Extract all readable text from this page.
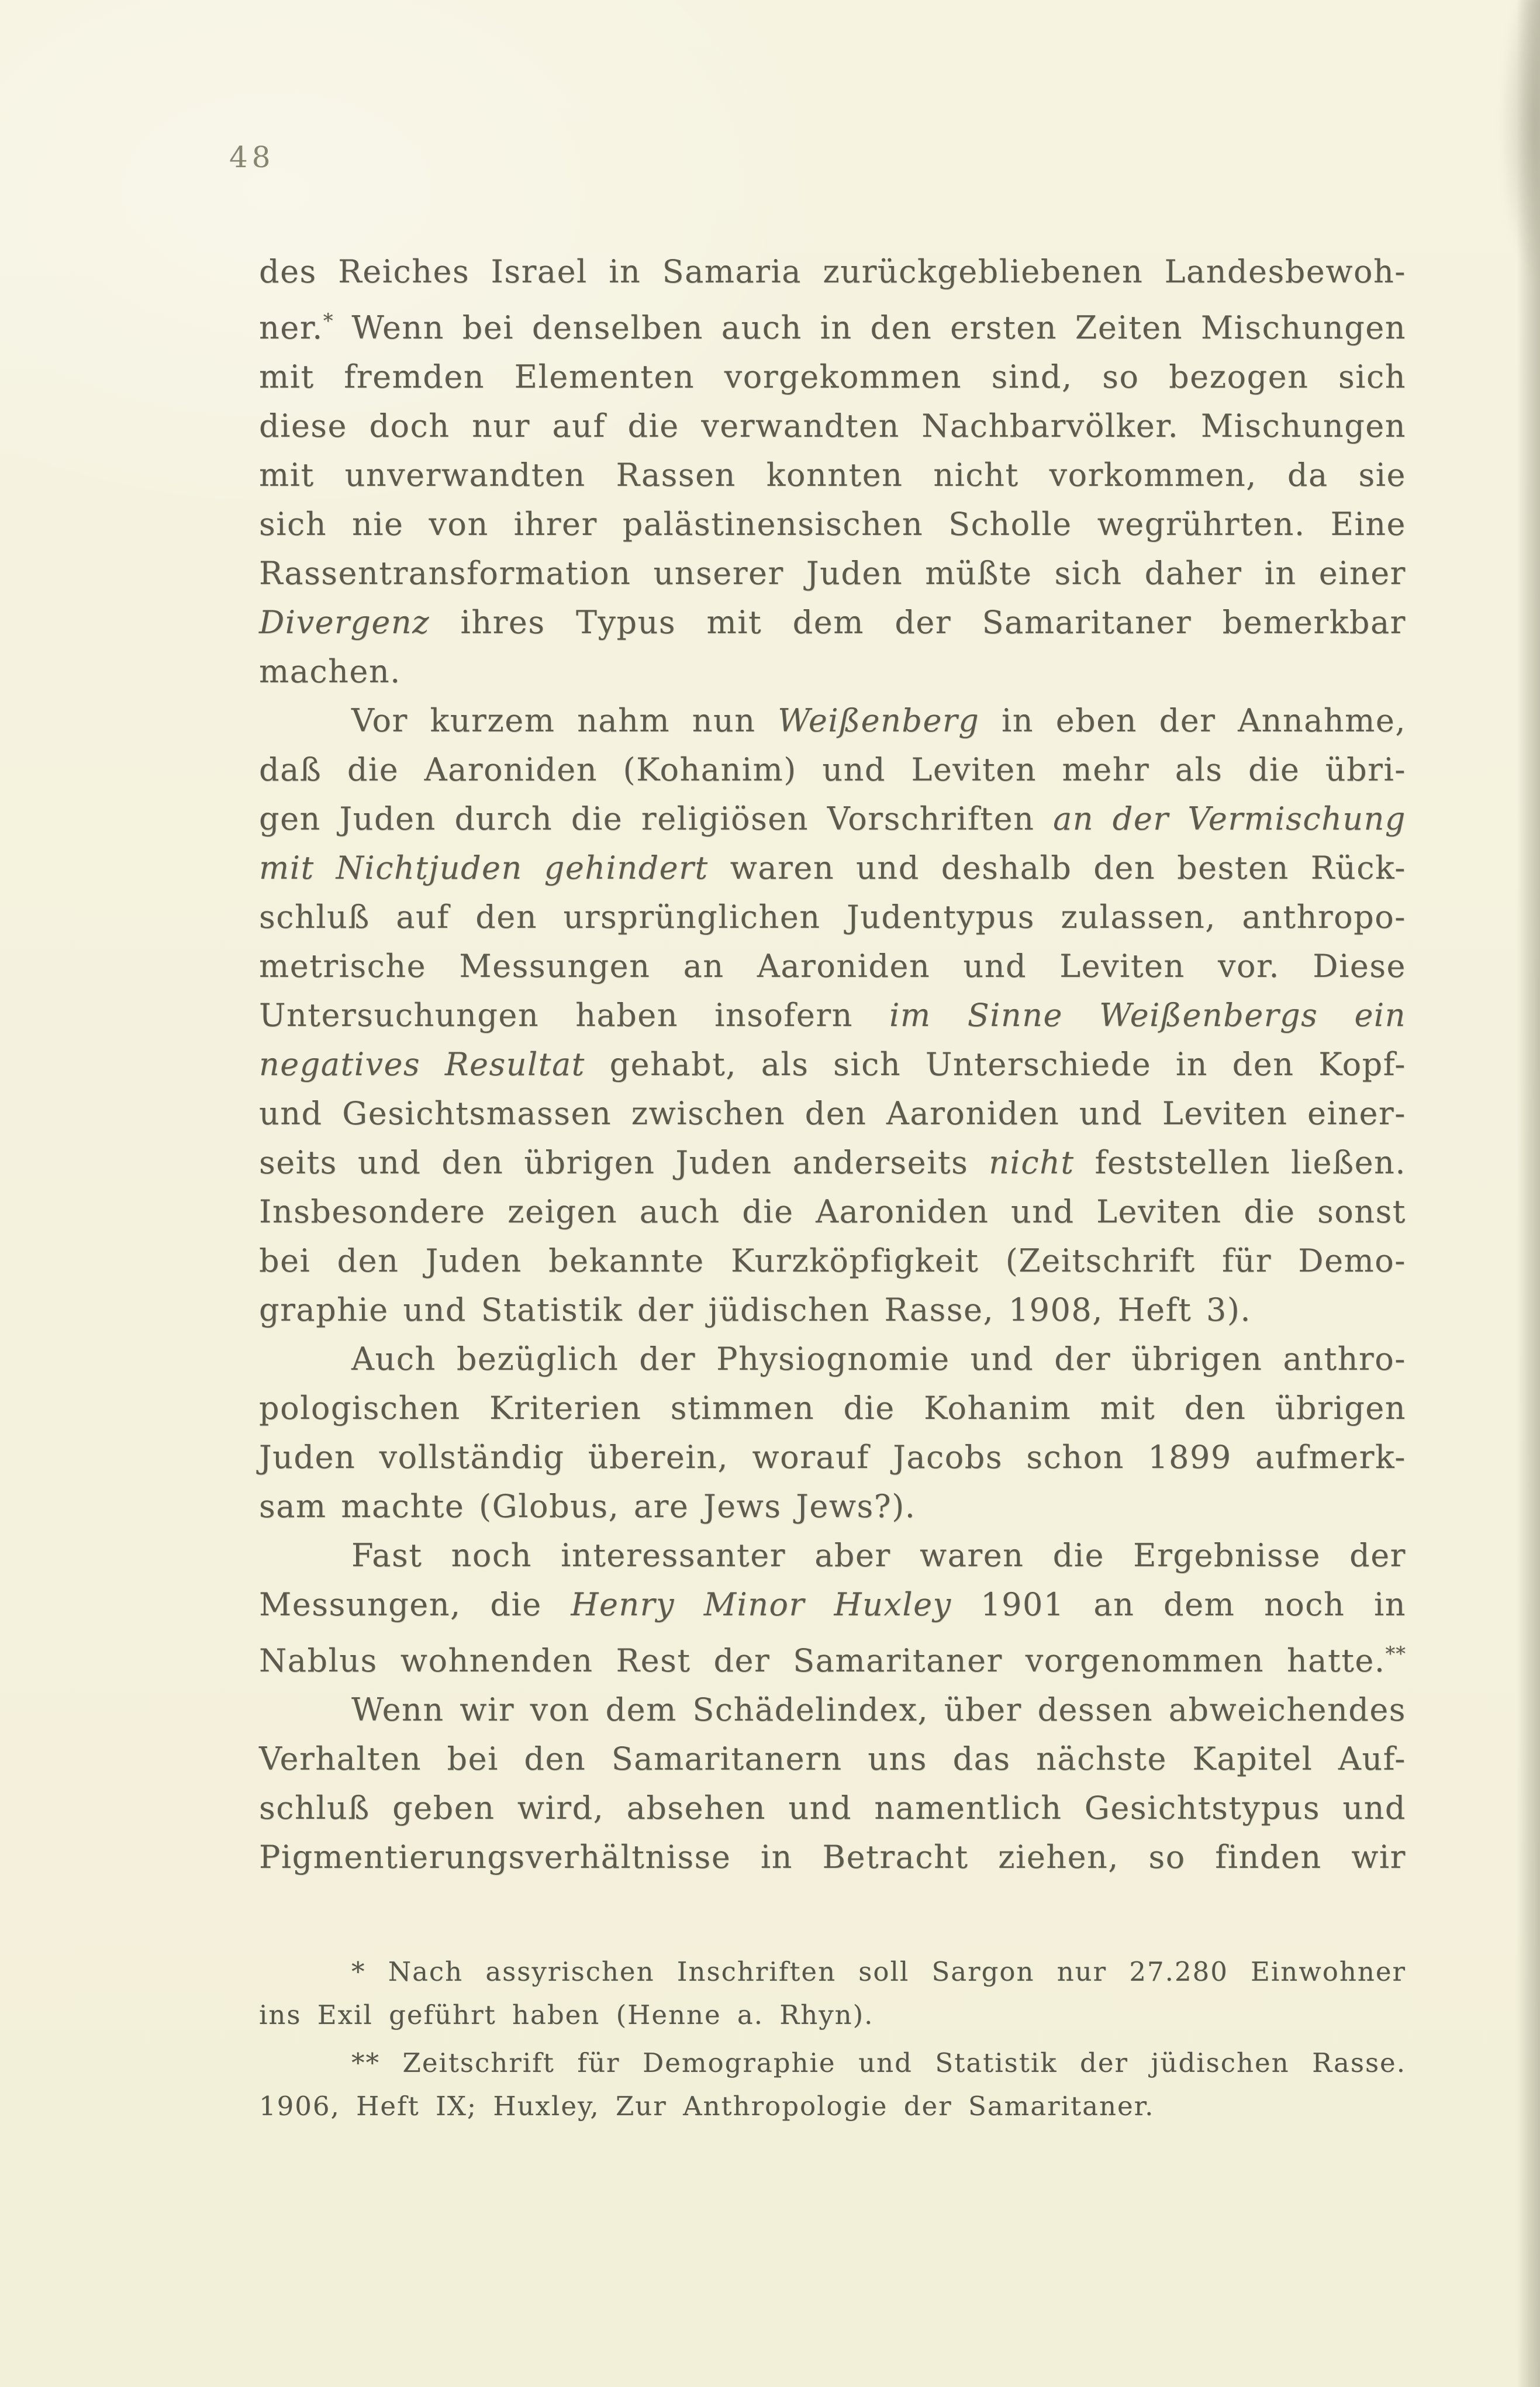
48
des Reiches Israel in Samaria zurückgebliebenen Landesbewoh-
ner.* Wenn bei denselben auch in den ersten Zeiten Mischungen
mit fremden Elementen vorgekommen sind, so bezogen sich
diese doch nur auf die verwandten Nachbarvölker. Mischungen
mit unverwandten Rassen konnten nicht vorkommen, da sie
sich nie von ihrer palästinensischen Scholle wegrührten. Eine
Rassentransformation unserer Juden müßte sich daher in einer
Divergenz ihres Typus mit dem der Samaritaner bemerkbar
machen.
Vor kurzem nahm nun Weißenberg in eben der Annahme,
daß die Aaroniden (Kohanim) und Leviten mehr als die übri-
gen Juden durch die religiösen Vorschriften an der Vermischung
mit Nichtjuden gehindert waren und deshalb den besten Rück-
schluß auf den ursprünglichen Judentypus zulassen, anthropo-
metrische Messungen an Aaroniden und Leviten vor. Diese
Untersuchungen haben insofern im Sinne Weißenbergs ein
negatives Resultat gehabt, als sich Unterschiede in den Kopf-
und Gesichtsmassen zwischen den Aaroniden und Leviten einer-
seits und den übrigen Juden anderseits nicht feststellen ließen.
Insbesondere zeigen auch die Aaroniden und Leviten die sonst
bei den Juden bekannte Kurzköpfigkeit (Zeitschrift für Demo-
graphie und Statistik der jüdischen Rasse, 1908, Heft 3).
Auch bezüglich der Physiognomie und der übrigen anthro-
pologischen Kriterien stimmen die Kohanim mit den übrigen
Juden vollständig überein, worauf Jacobs schon 1899 aufmerk-
sam machte (Globus, are Jews Jews?).
Fast noch interessanter aber waren die Ergebnisse der
Messungen, die Henry Minor Huxley 1901 an dem noch in
Nablus wohnenden Rest der Samaritaner vorgenommen hatte.**
Wenn wir von dem Schädelindex, über dessen abweichendes
Verhalten bei den Samaritanern uns das nächste Kapitel Auf-
schluß geben wird, absehen und namentlich Gesichtstypus und
Pigmentierungsverhältnisse in Betracht ziehen, so finden wir
* Nach assyrischen Inschriften soll Sargon nur 27.280 Einwohner
ins Exil geführt haben (Henne a. Rhyn).
** Zeitschrift für Demographie und Statistik der jüdischen Rasse.
1906, Heft IX; Huxley, Zur Anthropologie der Samaritaner.
